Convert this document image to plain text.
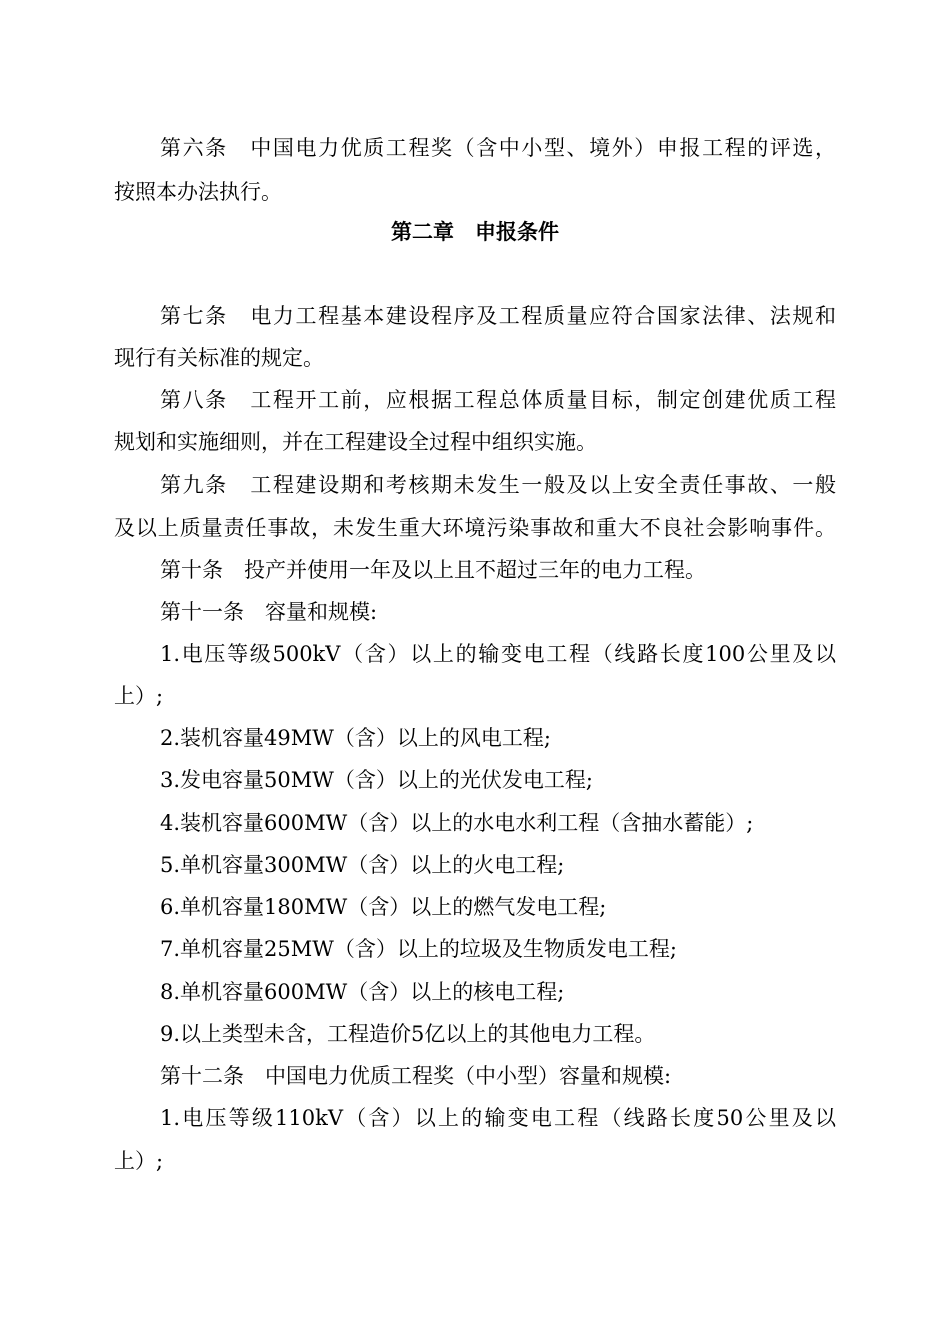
第六条　中国电力优质工程奖（含中小型、境外）申报工程的评选，
按照本办法执行。
第二章　申报条件
第七条　电力工程基本建设程序及工程质量应符合国家法律、法规和
现行有关标准的规定。
第八条　工程开工前，应根据工程总体质量目标，制定创建优质工程
规划和实施细则，并在工程建设全过程中组织实施。
第九条　工程建设期和考核期未发生一般及以上安全责任事故、一般
及以上质量责任事故，未发生重大环境污染事故和重大不良社会影响事件。
第十条　投产并使用一年及以上且不超过三年的电力工程。
第十一条　容量和规模:
1.电压等级500kV（含）以上的输变电工程（线路长度100公里及以
上）;
2.装机容量49MW（含）以上的风电工程;
3.发电容量50MW（含）以上的光伏发电工程;
4.装机容量600MW（含）以上的水电水利工程（含抽水蓄能）;
5.单机容量300MW（含）以上的火电工程;
6.单机容量180MW（含）以上的燃气发电工程;
7.单机容量25MW（含）以上的垃圾及生物质发电工程;
8.单机容量600MW（含）以上的核电工程;
9.以上类型未含，工程造价5亿以上的其他电力工程。
第十二条　中国电力优质工程奖（中小型）容量和规模:
1.电压等级110kV（含）以上的输变电工程（线路长度50公里及以
上）;
